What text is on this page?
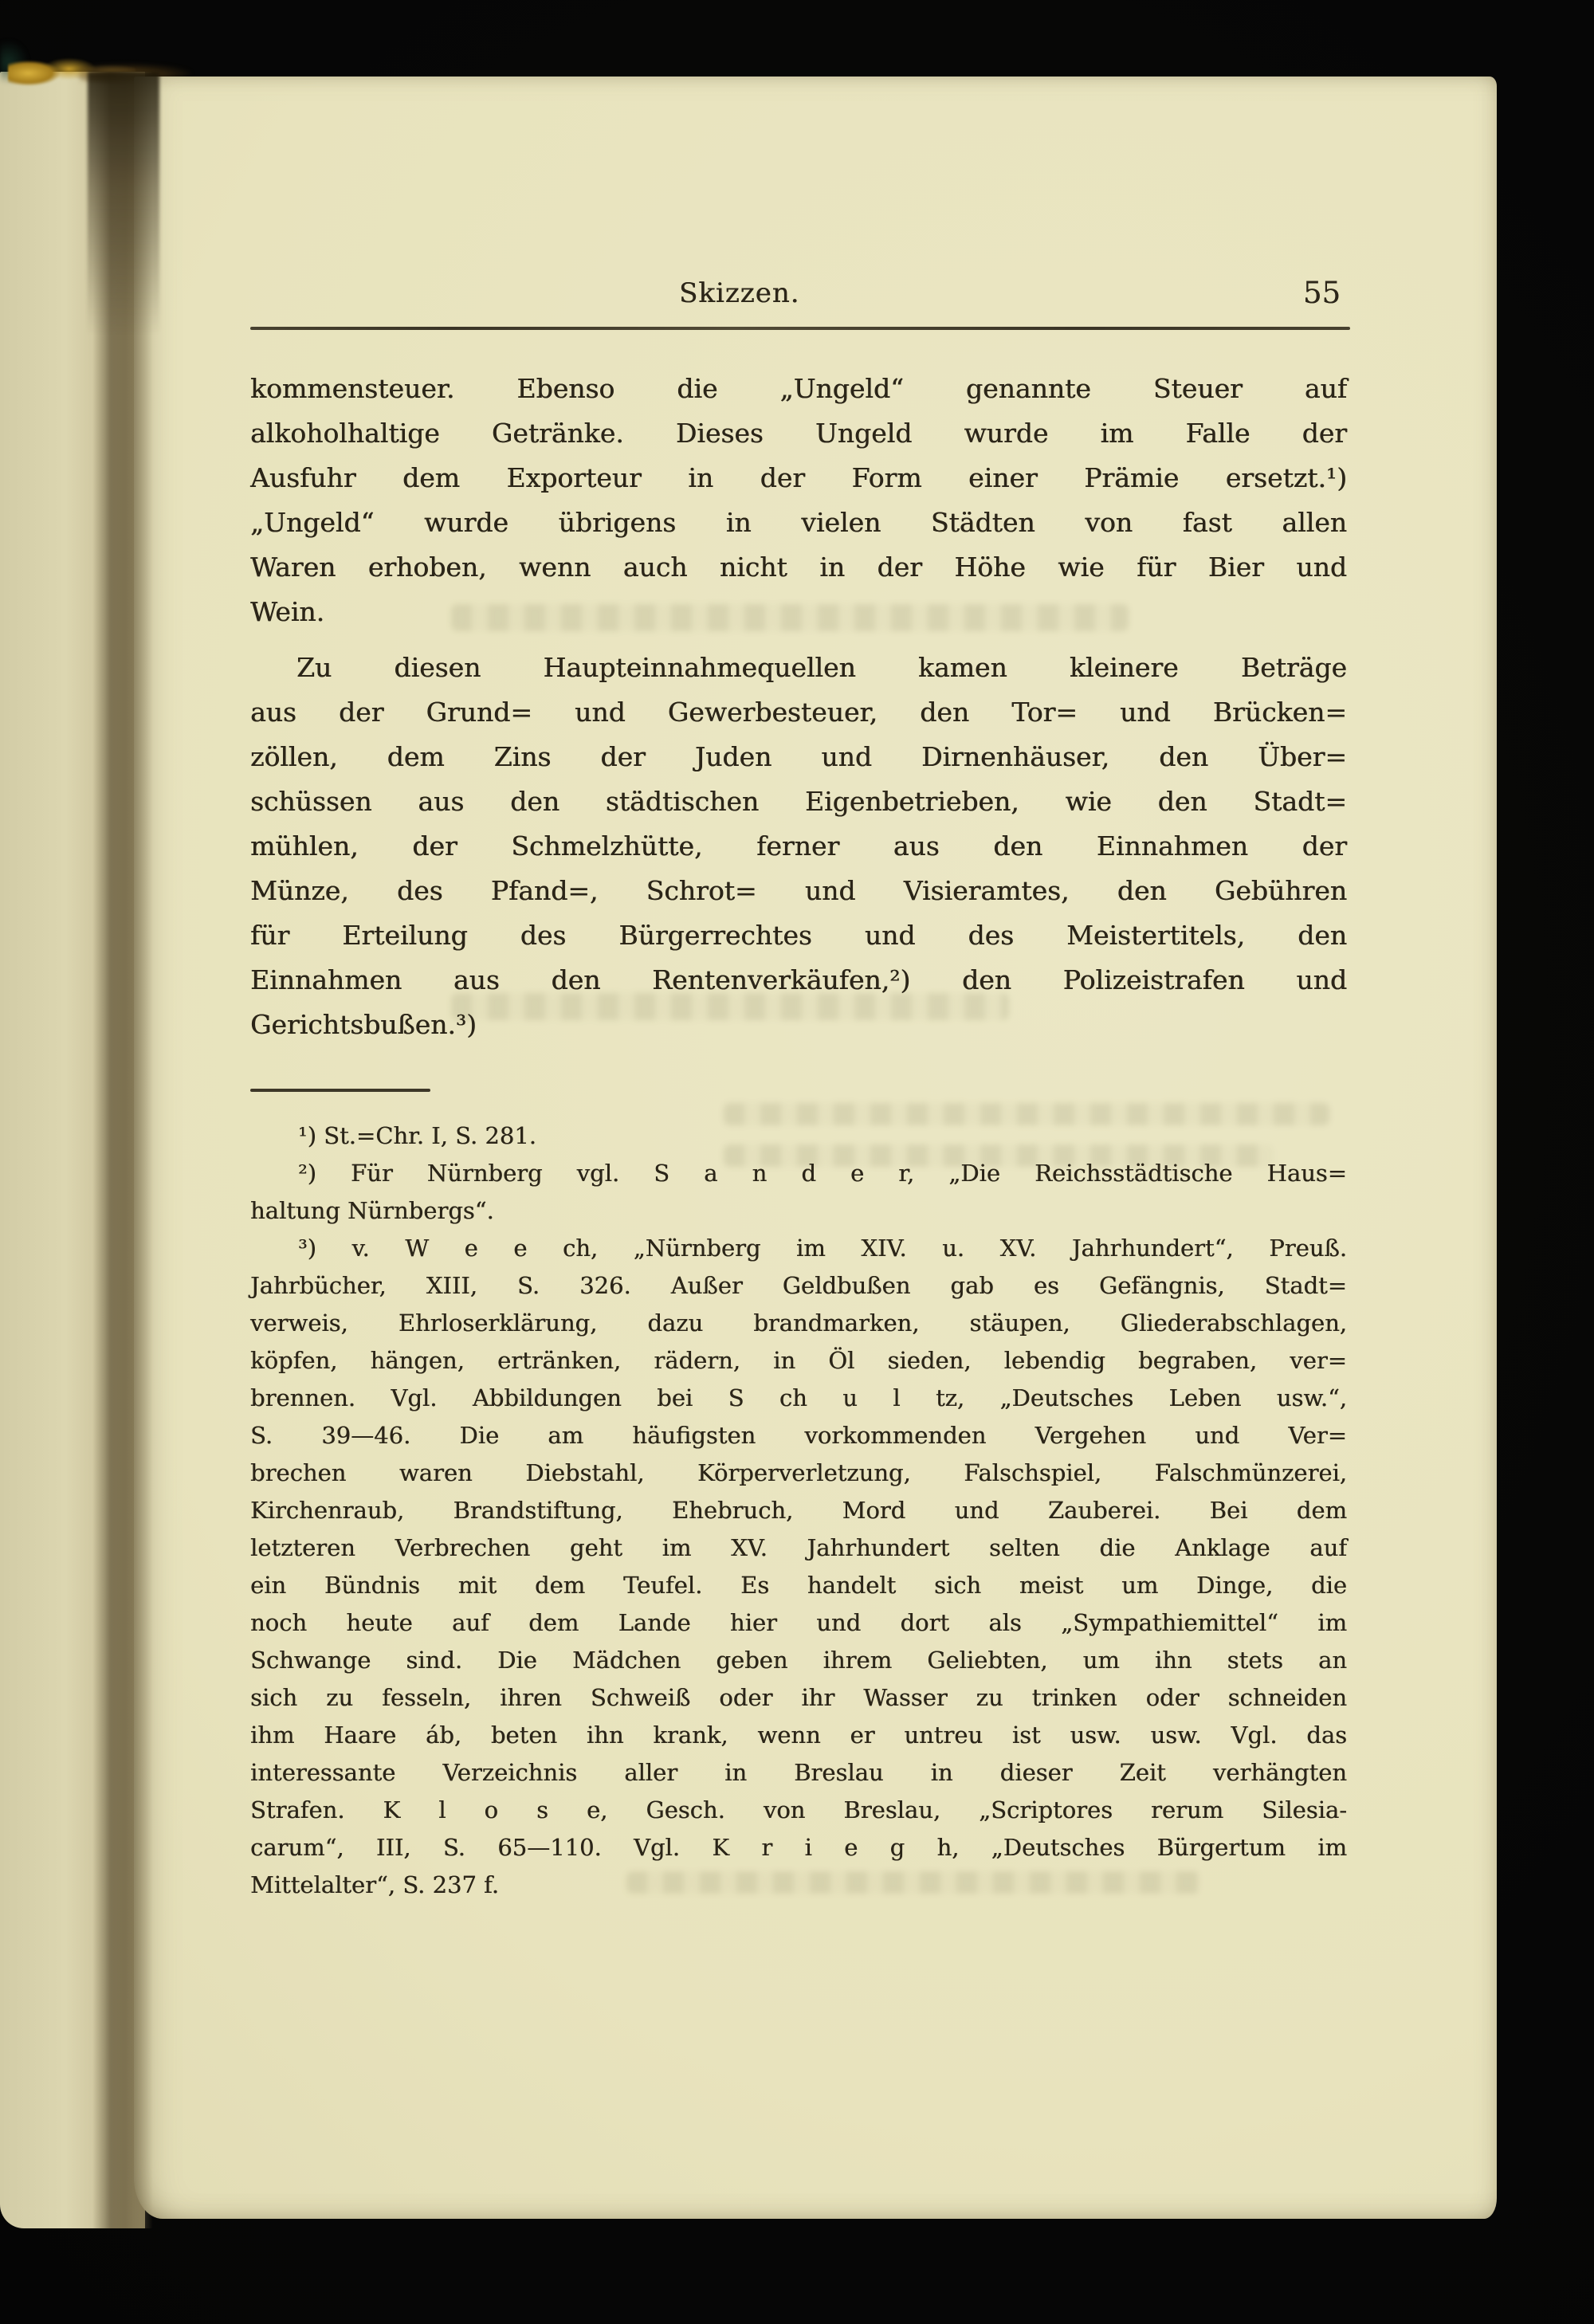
Skizzen.	55
kommensteuer. Ebenso die „Ungeld“ genannte Steuer auf
alkoholhaltige Getränke. Dieses Ungeld wurde im Falle der
Ausfuhr dem Exporteur in der Form einer Prämie ersetzt.¹)
„Ungeld“ wurde übrigens in vielen Städten von fast allen
Waren erhoben, wenn auch nicht in der Höhe wie für Bier und
Wein.
Zu diesen Haupteinnahmequellen kamen kleinere Beträge
aus der Grund= und Gewerbesteuer, den Tor= und Brücken=
zöllen, dem Zins der Juden und Dirnenhäuser, den Über=
schüssen aus den städtischen Eigenbetrieben, wie den Stadt=
mühlen, der Schmelzhütte, ferner aus den Einnahmen der
Münze, des Pfand=, Schrot= und Visieramtes, den Gebühren
für Erteilung des Bürgerrechtes und des Meistertitels, den
Einnahmen aus den Rentenverkäufen,²) den Polizeistrafen und
Gerichtsbußen.³)
¹) St.=Chr. I, S. 281.
²) Für Nürnberg vgl. S a n d e r, „Die Reichsstädtische Haus=
haltung Nürnbergs“.
³) v. W e e ch, „Nürnberg im XIV. u. XV. Jahrhundert“, Preuß.
Jahrbücher, XIII, S. 326. Außer Geldbußen gab es Gefängnis, Stadt=
verweis, Ehrloserklärung, dazu brandmarken, stäupen, Gliederabschlagen,
köpfen, hängen, ertränken, rädern, in Öl sieden, lebendig begraben, ver=
brennen. Vgl. Abbildungen bei S ch u l tz, „Deutsches Leben usw.“,
S. 39—46. Die am häufigsten vorkommenden Vergehen und Ver=
brechen waren Diebstahl, Körperverletzung, Falschspiel, Falschmünzerei,
Kirchenraub, Brandstiftung, Ehebruch, Mord und Zauberei. Bei dem
letzteren Verbrechen geht im XV. Jahrhundert selten die Anklage auf
ein Bündnis mit dem Teufel. Es handelt sich meist um Dinge, die
noch heute auf dem Lande hier und dort als „Sympathiemittel“ im
Schwange sind. Die Mädchen geben ihrem Geliebten, um ihn stets an
sich zu fesseln, ihren Schweiß oder ihr Wasser zu trinken oder schneiden
ihm Haare áb, beten ihn krank, wenn er untreu ist usw. usw. Vgl. das
interessante Verzeichnis aller in Breslau in dieser Zeit verhängten
Strafen. K l o s e, Gesch. von Breslau, „Scriptores rerum Silesia-
carum“, III, S. 65—110. Vgl. K r i e g h, „Deutsches Bürgertum im
Mittelalter“, S. 237 f.
